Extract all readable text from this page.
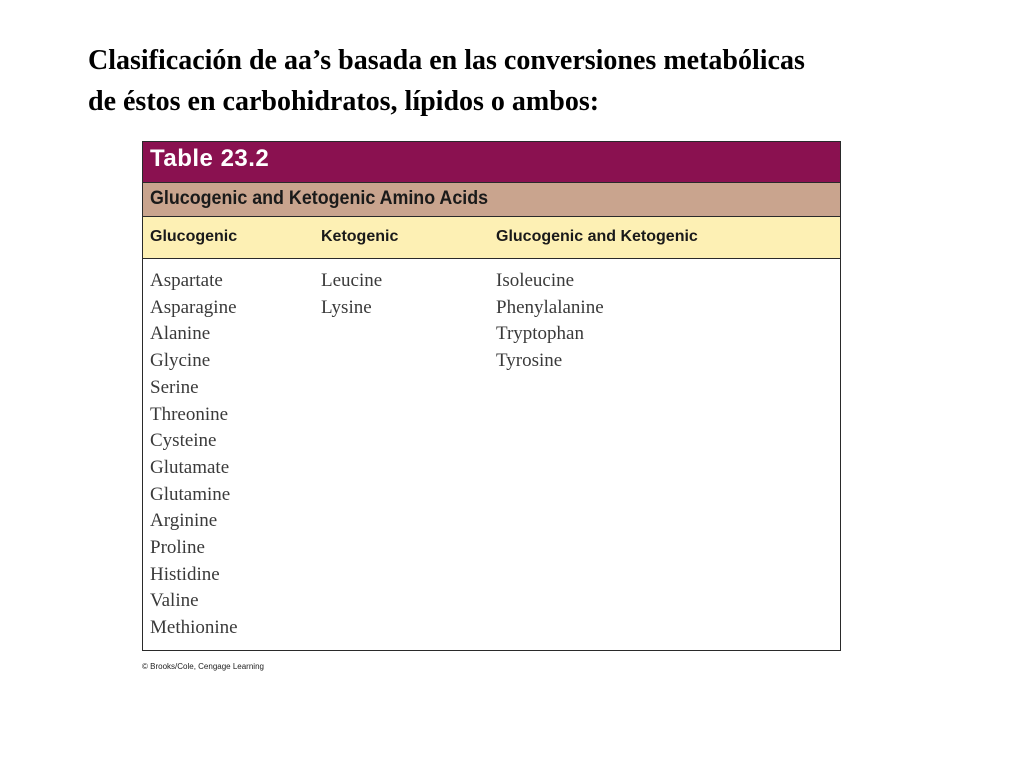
Clasificación de aa’s basada en las conversiones metabólicas
de éstos en carbohidratos, lípidos o ambos:
Table 23.2
Glucogenic and Ketogenic Amino Acids
Glucogenic	Ketogenic	Glucogenic and Ketogenic
Aspartate
Asparagine
Alanine
Glycine
Serine
Threonine
Cysteine
Glutamate
Glutamine
Arginine
Proline
Histidine
Valine
Methionine
Leucine
Lysine
Isoleucine
Phenylalanine
Tryptophan
Tyrosine
© Brooks/Cole, Cengage Learning
